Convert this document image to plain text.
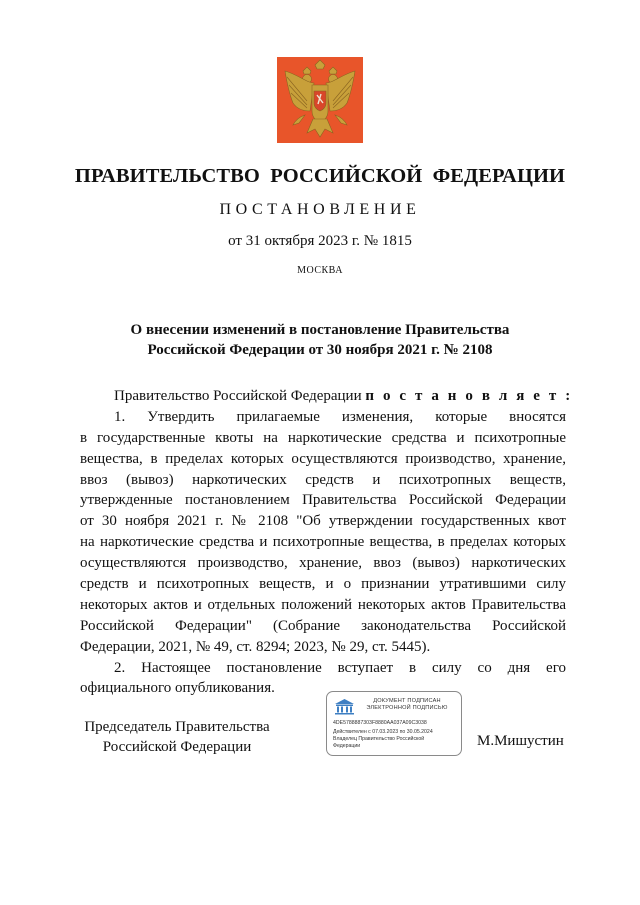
ПРАВИТЕЛЬСТВО РОССИЙСКОЙ ФЕДЕРАЦИИ
ПОСТАНОВЛЕНИЕ
от 31 октября 2023 г. № 1815
МОСКВА
О внесении изменений в постановление Правительства
Российской Федерации от 30 ноября 2021 г. № 2108
Правительство Российской Федерации п о с т а н о в л я е т :
1. Утвердить прилагаемые изменения, которые вносятся
в государственные квоты на наркотические средства и психотропные
вещества, в пределах которых осуществляются производство, хранение,
ввоз (вывоз) наркотических средств и психотропных веществ,
утвержденные постановлением Правительства Российской Федерации
от 30 ноября 2021 г. № 2108 "Об утверждении государственных квот
на наркотические средства и психотропные вещества, в пределах которых
осуществляются производство, хранение, ввоз (вывоз) наркотических
средств и психотропных веществ, и о признании утратившими силу
некоторых актов и отдельных положений некоторых актов Правительства
Российской Федерации" (Собрание законодательства Российской
Федерации, 2021, № 49, ст. 8294; 2023, № 29, ст. 5445).
2. Настоящее постановление вступает в силу со дня его
официального опубликования.
Председатель Правительства
Российской Федерации
ДОКУМЕНТ ПОДПИСАН
ЭЛЕКТРОННОЙ ПОДПИСЬЮ
4DE5788887303F8880AA037A09C3038
Действителен с 07.03.2023 по 30.05.2024
Владелец Правительство Российской
Федерации	М.Мишустин
